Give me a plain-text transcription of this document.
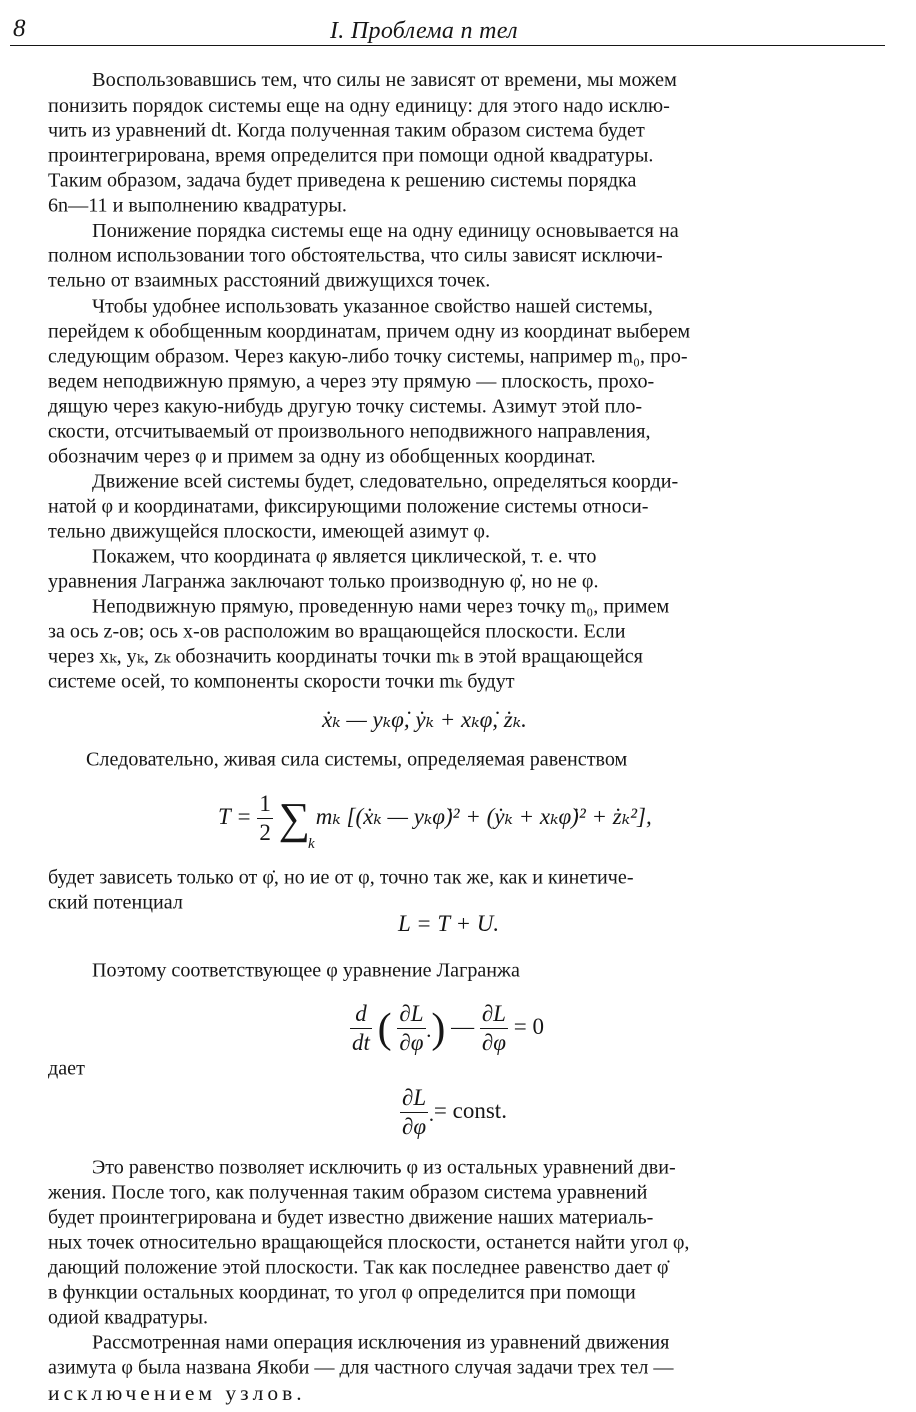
8	I. Проблема n тел
Воспользовавшись тем, что силы не зависят от времени, мы можем
понизить порядок системы еще на одну единицу: для этого надо исклю-
чить из уравнений dt. Когда полученная таким образом система будет
проинтегрирована, время определится при помощи одной квадратуры.
Таким образом, задача будет приведена к решению системы порядка
6n—11 и выполнению квадратуры.
Понижение порядка системы еще на одну единицу основывается на
полном использовании того обстоятельства, что силы зависят исключи-
тельно от взаимных расстояний движущихся точек.
Чтобы удобнее использовать указанное свойство нашей системы,
перейдем к обобщенным координатам, причем одну из координат выберем
следующим образом. Через какую-либо точку системы, например m₀, про-
ведем неподвижную прямую, а через эту прямую — плоскость, прохо-
дящую через какую-нибудь другую точку системы. Азимут этой пло-
скости, отсчитываемый от произвольного неподвижного направления,
обозначим через φ и примем за одну из обобщенных координат.
Движение всей системы будет, следовательно, определяться коорди-
натой φ и координатами, фиксирующими положение системы относи-
тельно движущейся плоскости, имеющей азимут φ.
Покажем, что координата φ является циклической, т. е. что
уравнения Лагранжа заключают только производную φ̇, но не φ.
Неподвижную прямую, проведенную нами через точку m₀, примем
за ось z-ов; ось x-ов расположим во вращающейся плоскости. Если
через xₖ, yₖ, zₖ обозначить координаты точки mₖ в этой вращающейся
системе осей, то компоненты скорости точки mₖ будут
ẋₖ — yₖφ̇, ẏₖ + xₖφ̇, żₖ.
Следовательно, живая сила системы, определяемая равенством
$T = \frac{1}{2}$ ∑ mₖ [(ẋₖ — yₖφ̇)² + (ẏₖ + xₖφ̇)² + żₖ²],
k
будет зависеть только от φ̇, но ие от φ, точно так же, как и кинетиче-
ский потенциал
L = T + U.
Поэтому соответствующее φ уравнение Лагранжа
$\frac{d}{dt}$ ( $\frac{\partial L}{\partial\varphi̇}$ ) — $\frac{\partial L}{\partial\varphi} = 0$
дает
$\frac{\partial L}{\partial\varphi̇}$ = const.
Это равенство позволяет исключить φ из остальных уравнений дви-
жения. После того, как полученная таким образом система уравнений
будет проинтегрирована и будет известно движение наших материаль-
ных точек относительно вращающейся плоскости, останется найти угол φ,
дающий положение этой плоскости. Так как последнее равенство дает φ̇
в функции остальных координат, то угол φ определится при помощи
одиой квадратуры.
Рассмотренная нами операция исключения из уравнений движения
азимута φ была названа Якоби — для частного случая задачи трех тел —
исключением узлов.
